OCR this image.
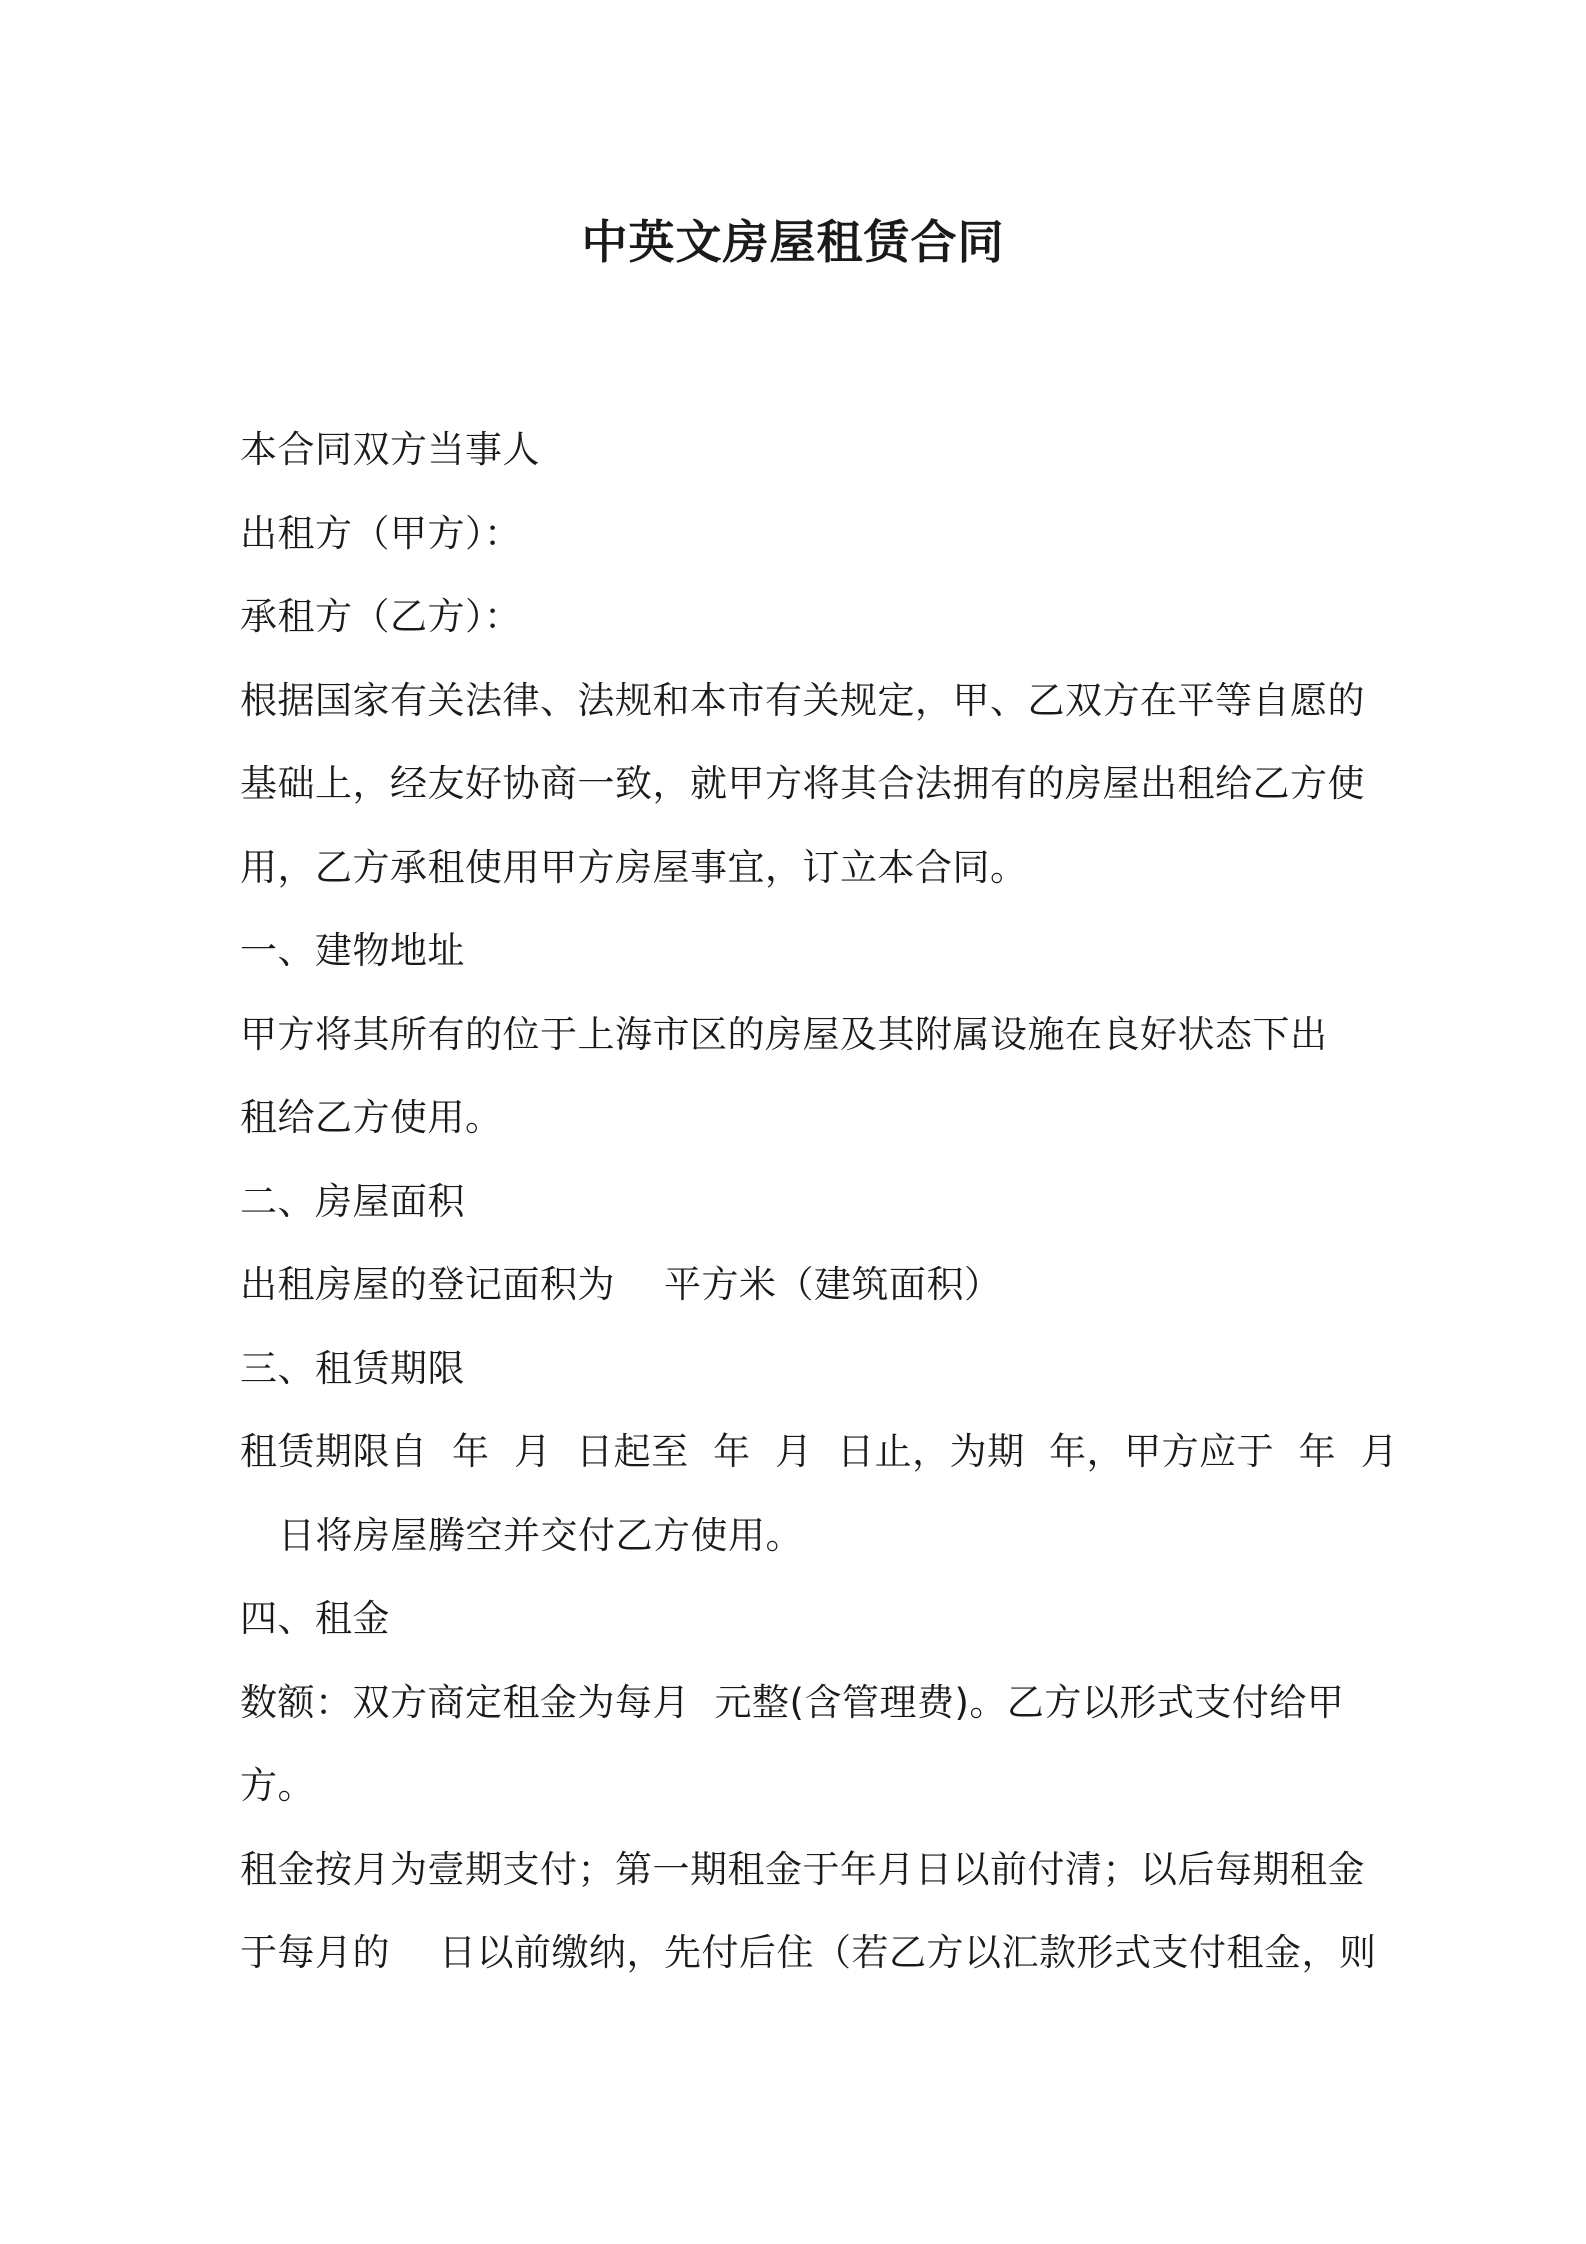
中英文房屋租赁合同
本合同双方当事人
出租方（甲方）：
承租方（乙方）：
根据国家有关法律、法规和本市有关规定，甲、乙双方在平等自愿的
基础上，经友好协商一致，就甲方将其合法拥有的房屋出租给乙方使
用，乙方承租使用甲方房屋事宜，订立本合同。
一、建物地址
甲方将其所有的位于上海市区的房屋及其附属设施在良好状态下出
租给乙方使用。
二、房屋面积
出租房屋的登记面积为    平方米（建筑面积）
三、租赁期限
租赁期限自  年  月  日起至  年  月  日止，为期  年，甲方应于  年  月
日将房屋腾空并交付乙方使用。
四、租金
数额：双方商定租金为每月  元整(含管理费)。乙方以形式支付给甲
方。
租金按月为壹期支付；第一期租金于年月日以前付清；以后每期租金
于每月的    日以前缴纳，先付后住（若乙方以汇款形式支付租金，则
